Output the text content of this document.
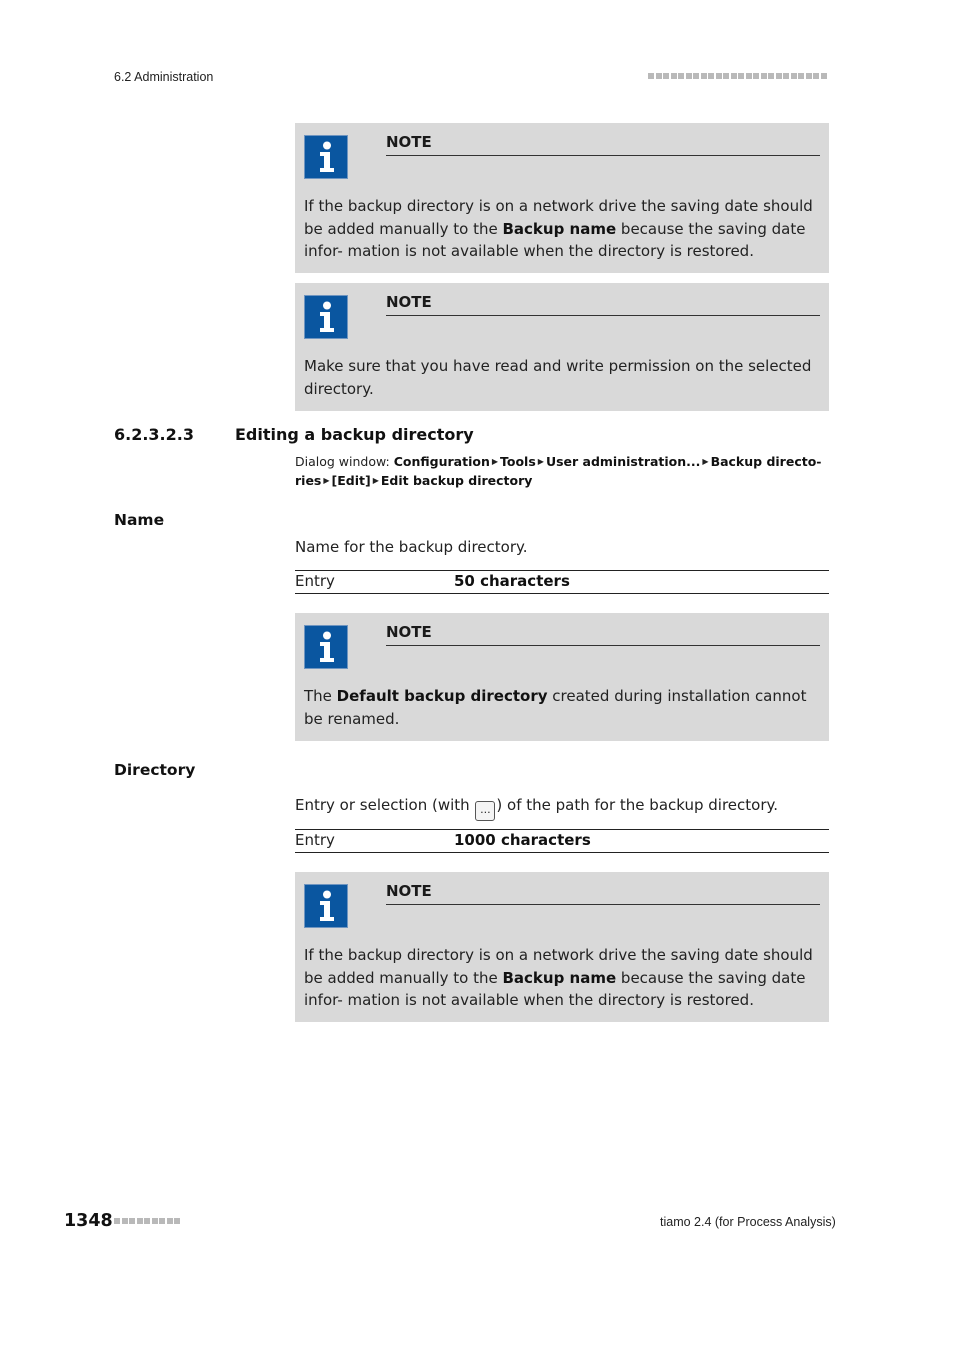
6.2 Administration
NOTE
If the backup directory is on a network drive the saving date should be added manually to the Backup name because the saving date infor- mation is not available when the directory is restored.
NOTE
Make sure that you have read and write permission on the selected directory.
6.2.3.2.3	Editing a backup directory
Dialog window: Configuration ▶ Tools ▶ User administration... ▶ Backup directo- ries ▶ [Edit] ▶ Edit backup directory
Name
Name for the backup directory.
Entry	50 characters
NOTE
The Default backup directory created during installation cannot be renamed.
Directory
Entry or selection (with ... ) of the path for the backup directory.
Entry	1000 characters
NOTE
If the backup directory is on a network drive the saving date should be added manually to the Backup name because the saving date infor- mation is not available when the directory is restored.
1348	tiamo 2.4 (for Process Analysis)
